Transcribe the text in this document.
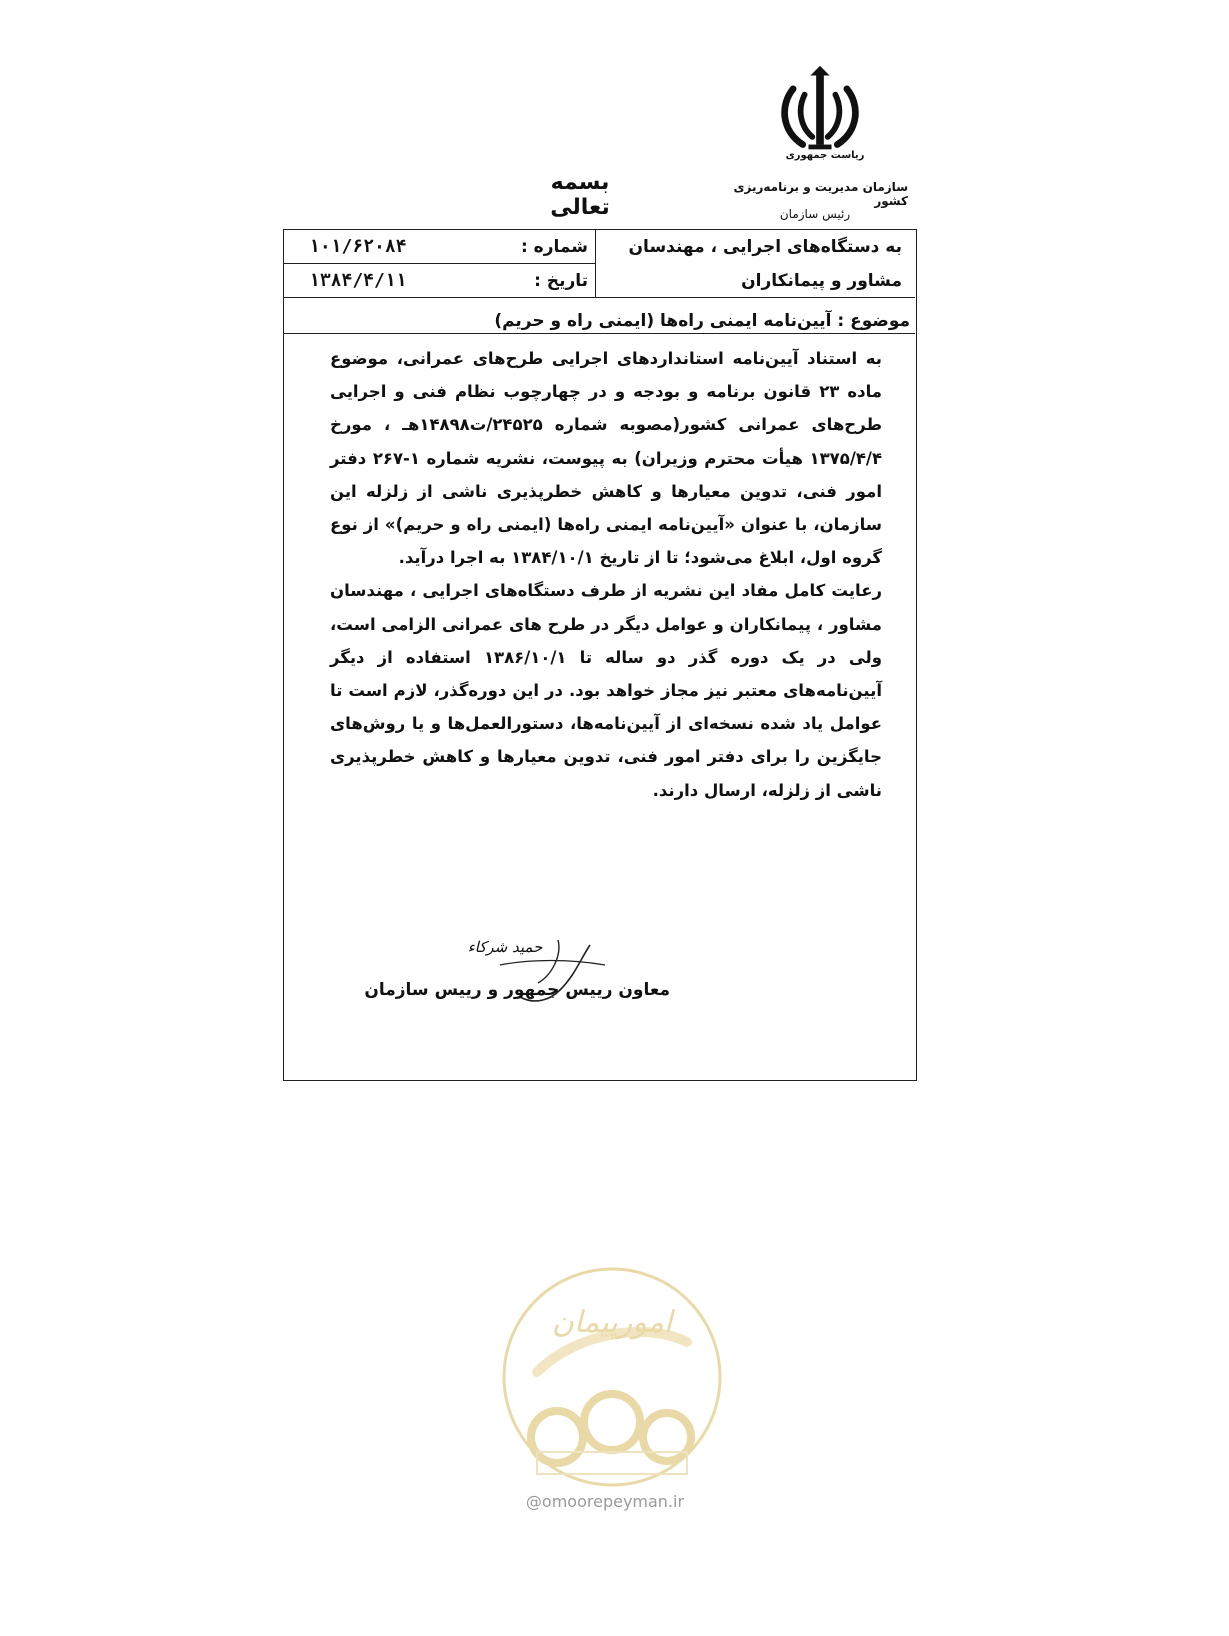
ریاست جمهوری
بسمه تعالی
سازمان مدیریت و برنامه‌ریزی کشور
رئیس سازمان
۱۰۱/۶۲۰۸۴	شماره :
۱۳۸۴/۴/۱۱	تاریخ :
به دستگاه‌های اجرایی ، مهندسان
مشاور و پیمانکاران
موضوع : آیین‌نامه ایمنی راه‌ها (ایمنی راه و حریم)

به استناد آیین‌نامه استانداردهای اجرایی طرح‌های عمرانی، موضوع ماده ۲۳ قانون برنامه و بودجه و در چهارچوب نظام فنی و اجرایی طرح‌های عمرانی کشور(مصوبه شماره ۲۴۵۲۵/ت۱۴۸۹۸هـ ، مورخ ۱۳۷۵/۴/۴ هیأت محترم وزیران) به پیوست، نشریه شماره ۱-۲۶۷ دفتر امور فنی، تدوین معیارها و کاهش خطرپذیری ناشی از زلزله این سازمان، با عنوان «آیین‌نامه ایمنی راه‌ها (ایمنی راه و حریم)» از نوع گروه اول، ابلاغ می‌شود؛ تا از تاریخ ۱۳۸۴/۱۰/۱ به اجرا درآید.

رعایت کامل مفاد این نشریه از طرف دستگاه‌های اجرایی ، مهندسان مشاور ، پیمانکاران و عوامل دیگر در طرح های عمرانی الزامی است، ولی در یک دوره گذر دو ساله تا ۱۳۸۶/۱۰/۱ استفاده از دیگر آیین‌نامه‌های معتبر نیز مجاز خواهد بود. در این دوره‌گذر، لازم است تا عوامل یاد شده نسخه‌ای از آیین‌نامه‌ها، دستورالعمل‌ها و یا روش‌های جایگزین را برای دفتر امور فنی، تدوین معیارها و کاهش خطرپذیری ناشی از زلزله، ارسال دارند.

حمید شرکاء
معاون رییس جمهور و رییس سازمان
امورپیمان
@omoorepeyman.ir
